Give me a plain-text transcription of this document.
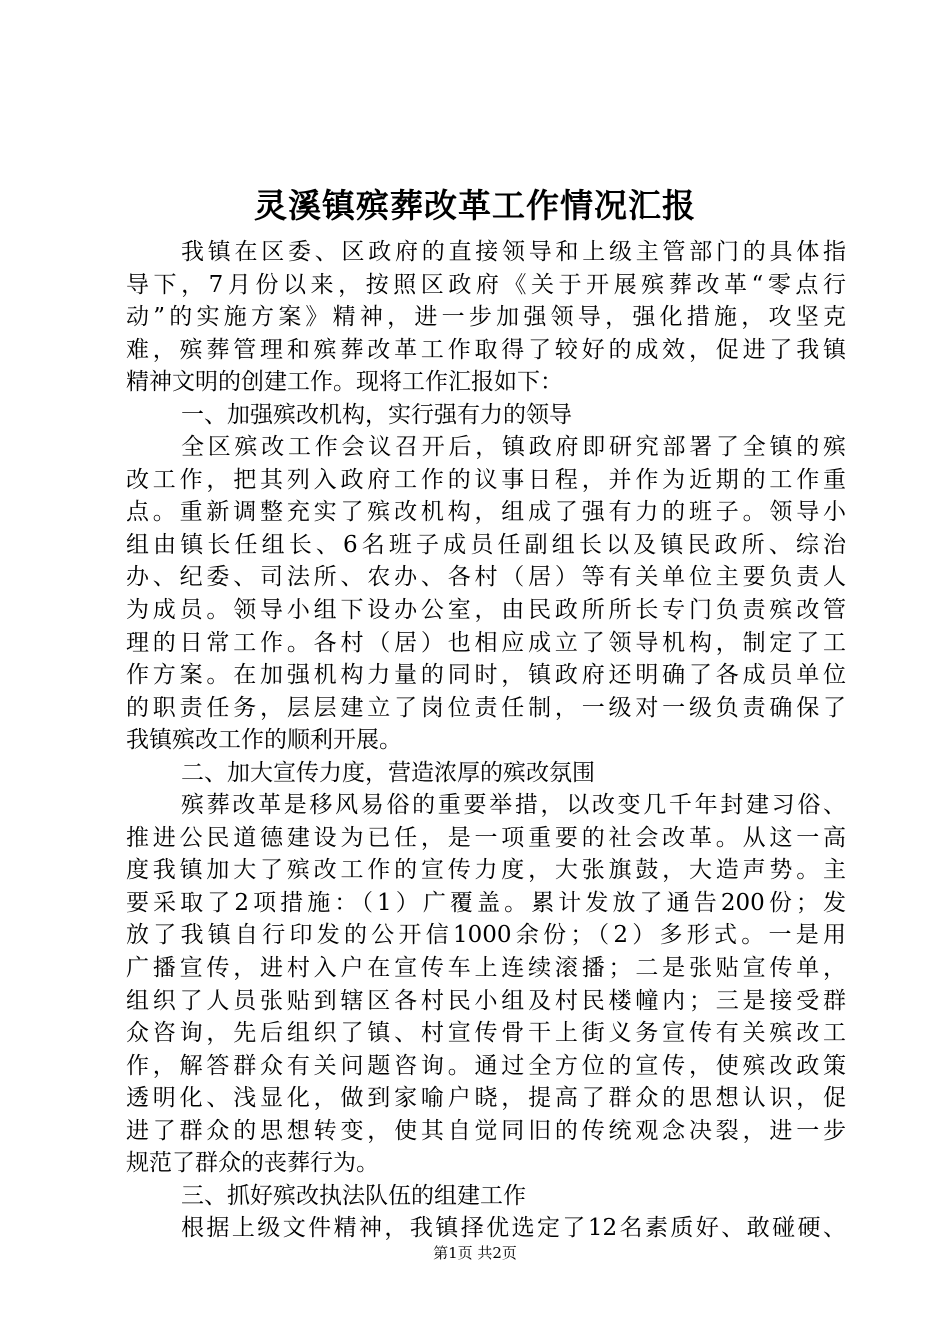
灵溪镇殡葬改革工作情况汇报
我镇在区委、区政府的直接领导和上级主管部门的具体指
导下，7月份以来，按照区政府《关于开展殡葬改革“零点行
动”的实施方案》精神，进一步加强领导，强化措施，攻坚克
难，殡葬管理和殡葬改革工作取得了较好的成效，促进了我镇
精神文明的创建工作。现将工作汇报如下：
一、加强殡改机构，实行强有力的领导
全区殡改工作会议召开后，镇政府即研究部署了全镇的殡
改工作，把其列入政府工作的议事日程，并作为近期的工作重
点。重新调整充实了殡改机构，组成了强有力的班子。领导小
组由镇长任组长、6名班子成员任副组长以及镇民政所、综治
办、纪委、司法所、农办、各村（居）等有关单位主要负责人
为成员。领导小组下设办公室，由民政所所长专门负责殡改管
理的日常工作。各村（居）也相应成立了领导机构，制定了工
作方案。在加强机构力量的同时，镇政府还明确了各成员单位
的职责任务，层层建立了岗位责任制，一级对一级负责确保了
我镇殡改工作的顺利开展。
二、加大宣传力度，营造浓厚的殡改氛围
殡葬改革是移风易俗的重要举措，以改变几千年封建习俗、
推进公民道德建设为已任，是一项重要的社会改革。从这一高
度我镇加大了殡改工作的宣传力度，大张旗鼓，大造声势。主
要采取了2项措施：（1）广覆盖。累计发放了通告200份；发
放了我镇自行印发的公开信1000余份；（2）多形式。一是用
广播宣传，进村入户在宣传车上连续滚播；二是张贴宣传单，
组织了人员张贴到辖区各村民小组及村民楼幢内；三是接受群
众咨询，先后组织了镇、村宣传骨干上街义务宣传有关殡改工
作，解答群众有关问题咨询。通过全方位的宣传，使殡改政策
透明化、浅显化，做到家喻户晓，提高了群众的思想认识，促
进了群众的思想转变，使其自觉同旧的传统观念决裂，进一步
规范了群众的丧葬行为。
三、抓好殡改执法队伍的组建工作
根据上级文件精神，我镇择优选定了12名素质好、敢碰硬、
第1页 共2页
